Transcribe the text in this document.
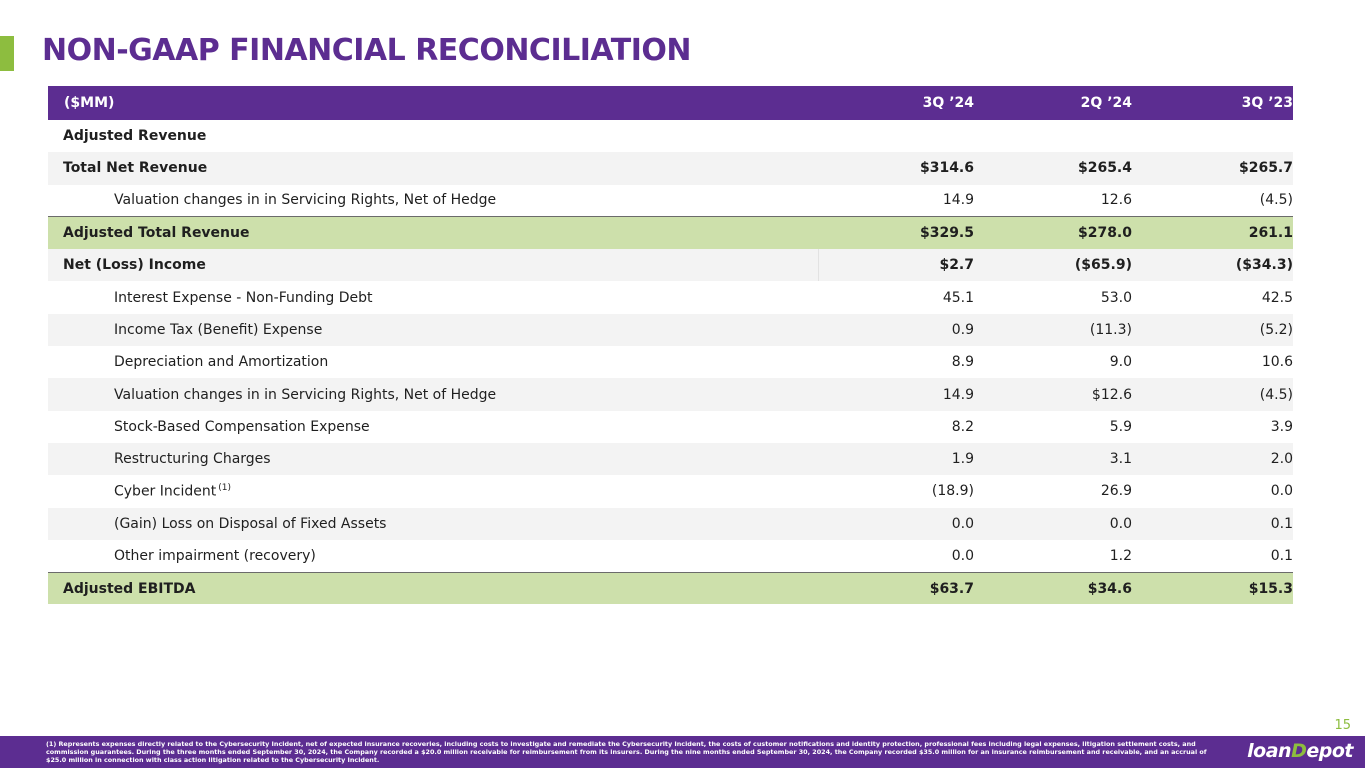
NON-GAAP FINANCIAL RECONCILIATION
($MM)	3Q ’24	2Q ’24	3Q ’23
Adjusted Revenue			
Total Net Revenue	$314.6	$265.4	$265.7
Valuation changes in in Servicing Rights, Net of Hedge	14.9	12.6	(4.5)
Adjusted Total Revenue	$329.5	$278.0	261.1
Net (Loss) Income	$2.7	($65.9)	($34.3)
Interest Expense - Non-Funding Debt	45.1	53.0	42.5
Income Tax (Benefit) Expense	0.9	(11.3)	(5.2)
Depreciation and Amortization	8.9	9.0	10.6
Valuation changes in in Servicing Rights, Net of Hedge	14.9	$12.6	(4.5)
Stock-Based Compensation Expense	8.2	5.9	3.9
Restructuring Charges	1.9	3.1	2.0
Cyber Incident $^{(1)}$	(18.9)	26.9	0.0
(Gain) Loss on Disposal of Fixed Assets	0.0	0.0	0.1
Other impairment (recovery)	0.0	1.2	0.1
Adjusted EBITDA	$63.7	$34.6	$15.3
15

(1) Represents expenses directly related to the Cybersecurity Incident, net of expected insurance recoveries, including costs to investigate and remediate the Cybersecurity Incident, the costs of customer notifications and identity protection, professional fees including legal expenses, litigation settlement costs, and commission guarantees. During the three months ended September 30, 2024, the Company recorded a $20.0 million receivable for reimbursement from its insurers. During the nine months ended September 30, 2024, the Company recorded $35.0 million for an insurance reimbursement and receivable, and an accrual of $25.0 million in connection with class action litigation related to the Cybersecurity Incident.	loanDepot
